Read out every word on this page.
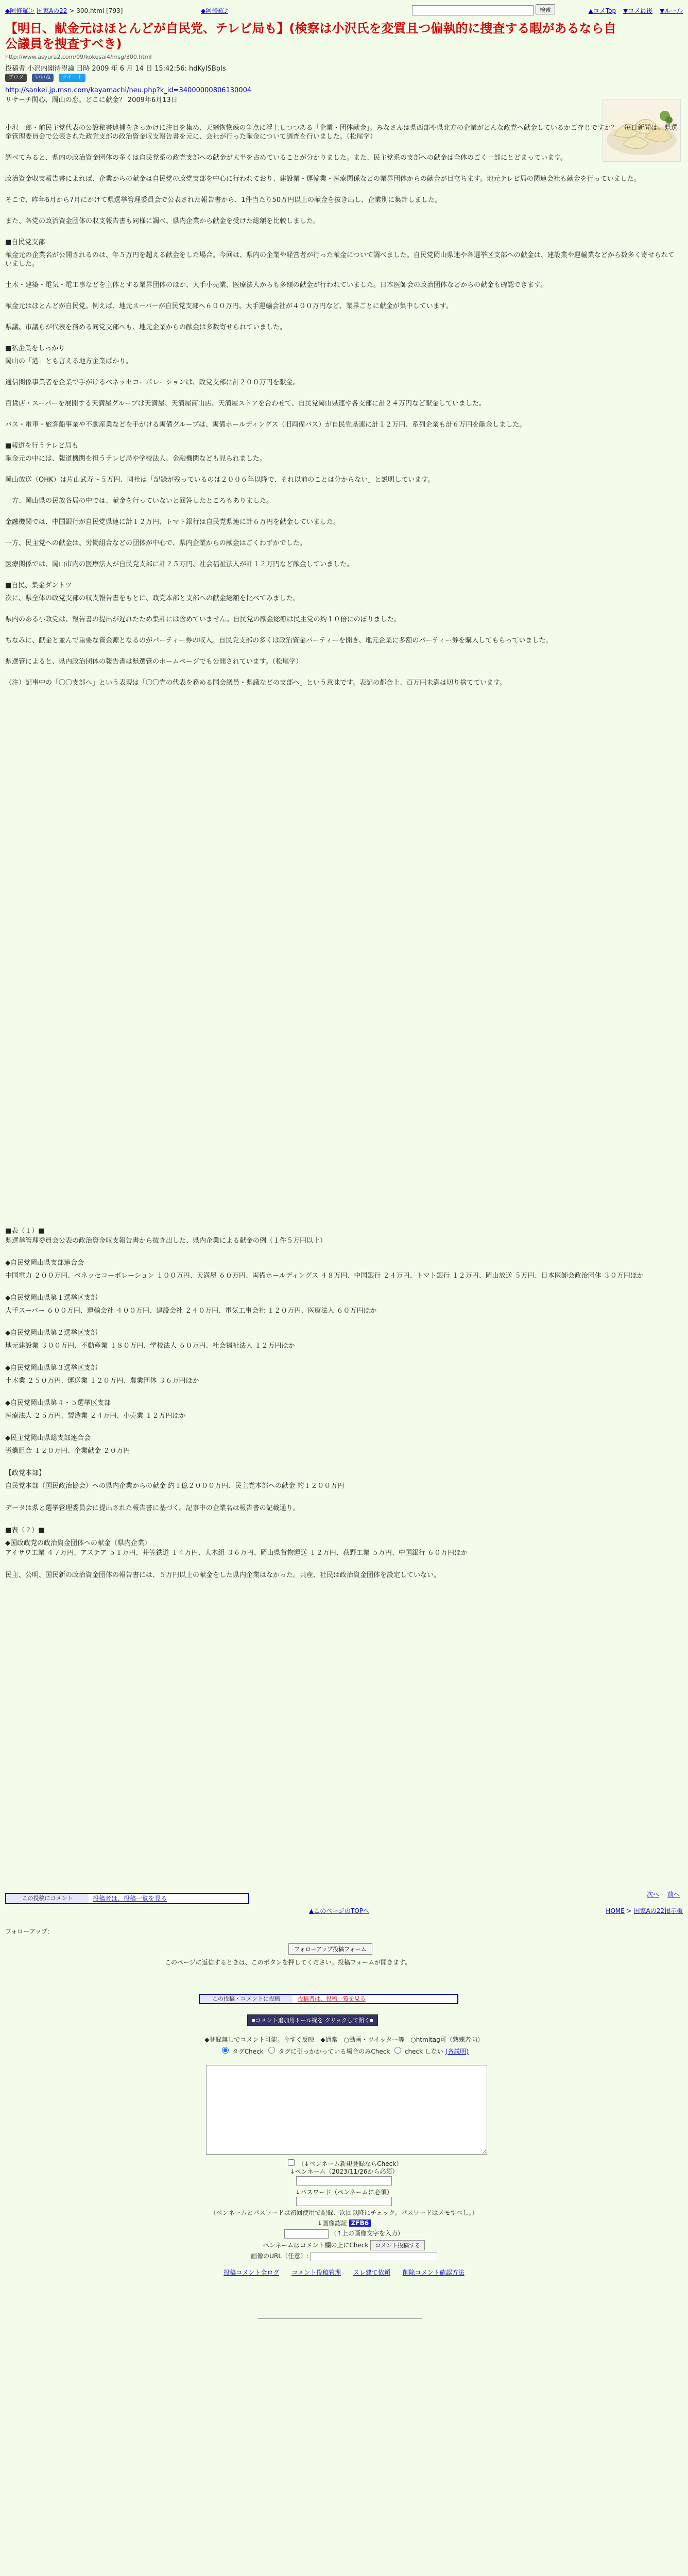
◆阿修羅＞ 国家Aの22 > 300.html [793]	◆阿修羅♪	検索	▲コメTop ▼コメ最後 ▼ルール
【明日、献金元はほとんどが自民党、テレビ局も】(検察は小沢氏を変質且つ偏執的に捜査する暇があるなら自公議員を捜査すべき)
http://www.asyura2.com/09/kokusai4/msg/300.html
投稿者 小沢内閣待望論 日時 2009 年 6 月 14 日 15:42:56: hdKyISBpIs
ブログ いいね ツイート
http://sankei.jp.msn.com/kayamachi/neu.php?k_id=34000000806130004
リサーチ関心、岡山の恋。どこに献金？ 2009年6月13日

小沢一郎・前民主党代表の公設秘書逮捕をきっかけに注目を集め、天網恢恢疎の争点に浮上しつつある「企業・団体献金」。みなさんは県西部や県北方の企業がどんな政党へ献金しているかご存じですか？　毎日新聞は、県選挙管理委員会で公表された政党支部の政治資金収支報告書を元に、会社が行った献金について調査を行いました。（松尾学）

調べてみると、県内の政治資金団体の多くは自民党系の政党支部への献金が大半を占めていることが分かりました。また、民主党系の支部への献金は全体のごく一部にとどまっています。

政治資金収支報告書によれば、企業からの献金は自民党の政党支部を中心に行われており、建設業・運輸業・医療関係などの業界団体からの献金が目立ちます。地元テレビ局の関連会社も献金を行っていました。

そこで、昨年6月から7月にかけて県選挙管理委員会で公表された報告書から、1件当たり50万円以上の献金を抜き出し、企業別に集計しました。

また、各党の政治資金団体の収支報告書も同様に調べ、県内企業から献金を受けた総額を比較しました。

■自民党支部

献金元の企業名が公開されるのは、年５万円を超える献金をした場合。今回は、県内の企業や経営者が行った献金について調べました。自民党岡山県連や各選挙区支部への献金は、建設業や運輸業などから数多く寄せられていました。

土木・建築・電気・電工事などを主体とする業界団体のほか、大手小売業、医療法人からも多額の献金が行われていました。日本医師会の政治団体などからの献金も確認できます。

献金元はほとんどが自民党。例えば、地元スーパーが自民党支部へ６００万円、大手運輸会社が４００万円など、業界ごとに献金が集中しています。

県議、市議らが代表を務める同党支部へも、地元企業からの献金は多数寄せられていました。

■私企業をしっかり

岡山の「港」とも言える地方企業ばかり。

通信関係事業者を企業で手がけるベネッセコーポレーションは、政党支部に計２００万円を献金。

百貨店・スーパーを展開する天満屋グループは天満屋、天満屋商山店、天満屋ストアを合わせて、自民党岡山県連や各支部に計２４万円など献金していました。

バス・電車・旅客船事業や不動産業などを手がける両備グループは、両備ホールディングス（旧両備バス）が自民党県連に計１２万円、系列企業も計６万円を献金しました。

■報道を行うテレビ局も

献金元の中には、報道機関を担うテレビ局や学校法人、金融機関なども見られました。

岡山放送（OHK）は片山武寿～５万円、同社は「記録が残っているのは２００６年以降で、それ以前のことは分からない」と説明しています。

一方、岡山県の民放各局の中では、献金を行っていないと回答したところもありました。

金融機関では、中国銀行が自民党県連に計１２万円、トマト銀行は自民党県連に計６万円を献金していました。

一方、民主党への献金は、労働組合などの団体が中心で、県内企業からの献金はごくわずかでした。

医療関係では、岡山市内の医療法人が自民党支部に計２５万円、社会福祉法人が計１２万円など献金していました。

■自民、集金ダントツ

次に、県全体の政党支部の収支報告書をもとに、政党本部と支部への献金総額を比べてみました。

県内のある小政党は、報告書の提出が遅れたため集計には含めていません。自民党の献金総額は民主党の約１０倍にのぼりました。

ちなみに、献金と並んで重要な資金源となるのがパーティー券の収入。自民党支部の多くは政治資金パーティーを開き、地元企業に多額のパーティー券を購入してもらっていました。

県選管によると、県内政治団体の報告書は県選管のホームページでも公開されています。（松尾学）

（注）記事中の「〇〇支部へ」という表現は「〇〇党の代表を務める国会議員・県議などの支部へ」という意味です。表記の都合上、百万円未満は切り捨てています。

■表（１）■
県選挙管理委員会公表の政治資金収支報告書から抜き出した、県内企業による献金の例（１件５万円以上）
◆自民党岡山県支部連合会
中国電力 ２００万円、ベネッセコーポレーション １００万円、天満屋 ６０万円、両備ホールディングス ４８万円、中国銀行 ２４万円、トマト銀行 １２万円、岡山放送 ５万円、日本医師会政治団体 ３０万円ほか
◆自民党岡山県第１選挙区支部
大手スーパー ６００万円、運輸会社 ４００万円、建設会社 ２４０万円、電気工事会社 １２０万円、医療法人 ６０万円ほか
◆自民党岡山県第２選挙区支部
地元建設業 ３００万円、不動産業 １８０万円、学校法人 ６０万円、社会福祉法人 １２万円ほか
◆自民党岡山県第３選挙区支部
土木業 ２５０万円、運送業 １２０万円、農業団体 ３６万円ほか
◆自民党岡山県第４・５選挙区支部
医療法人 ２５万円、製造業 ２４万円、小売業 １２万円ほか
◆民主党岡山県総支部連合会
労働組合 １２０万円、企業献金 ２０万円
【政党本部】
自民党本部（国民政治協会）への県内企業からの献金 約１億２０００万円、民主党本部への献金 約１２００万円
データは県と選挙管理委員会に提出された報告書に基づく。記事中の企業名は報告書の記載通り。
■表（２）■
◆国政政党の政治資金団体への献金（県内企業）
アイサワ工業 ４７万円、アステア ５１万円、井笠鉄道 １４万円、大本組 ３６万円、岡山県貨物運送 １２万円、荻野工業 ５万円、中国銀行 ６０万円ほか
民主、公明、国民新の政治資金団体の報告書には、５万円以上の献金をした県内企業はなかった。共産、社民は政治資金団体を設定していない。
この投稿にコメント	投稿者は、投稿一覧を見る
次へ 前へ
▲このページのTOPへ	HOME > 国家Aの22掲示板
フォローアップ：
フォローアップ投稿フォーム
このページに返信するときは、このボタンを押してください。投稿フォームが開きます。
この投稿・コメントに投稿	投稿者は、投稿一覧を見る
■コメント追加用トール欄を クリックして開く■
◆登録無しでコメント可能。今すぐ反映　◆通常　○動画・ツイッター等　○htmltag可（熟練者向）
タグCheck タグに引っかかっている場合のみCheck check しない (各説明)
（↓ペンネーム新規登録ならCheck）
↓ペンネーム（2023/11/26から必須）
↓パスワード（ペンネームに必須）
（ペンネームとパスワードは初回使用で記録、次回以降にチェック。パスワードはメモすべし。）
↓画像認証 ZFB6
（↑上の画像文字を入力）
ペンネームはコメント欄の上にCheck コメント投稿する
画像のURL（任意）:
投稿コメント全ログ コメント投稿管理 スレ建て依頼 削除コメント確認方法
